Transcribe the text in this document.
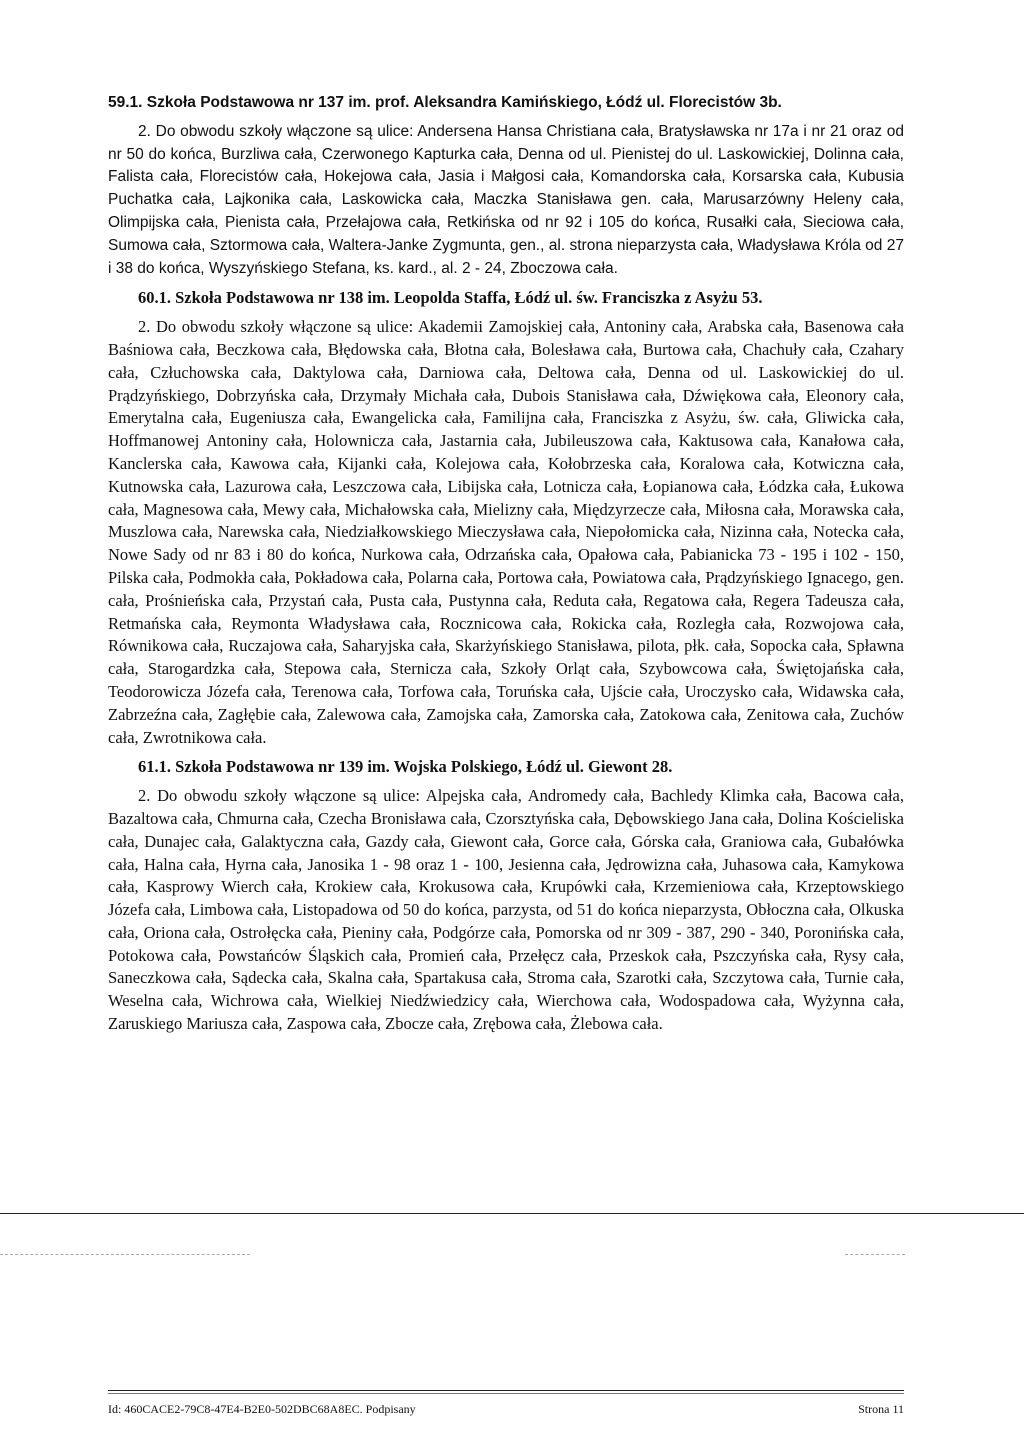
59.1. Szkoła Podstawowa nr 137 im. prof. Aleksandra Kamińskiego, Łódź ul. Florecistów 3b.

2. Do obwodu szkoły włączone są ulice: Andersena Hansa Christiana cała, Bratysławska nr 17a i nr 21 oraz od nr 50 do końca, Burzliwa cała, Czerwonego Kapturka cała, Denna od ul. Pienistej do ul. Laskowickiej, Dolinna cała, Falista cała, Florecistów cała, Hokejowa cała, Jasia i Małgosi cała, Komandorska cała, Korsarska cała, Kubusia Puchatka cała, Lajkonika cała, Laskowicka cała, Maczka Stanisława gen. cała, Marusarzówny Heleny cała, Olimpijska cała, Pienista cała, Przełajowa cała, Retkińska od nr 92 i 105 do końca, Rusałki cała, Sieciowa cała, Sumowa cała, Sztormowa cała, Waltera-Janke Zygmunta, gen., al. strona nieparzysta cała, Władysława Króla od 27 i 38 do końca, Wyszyńskiego Stefana, ks. kard., al. 2 - 24, Zboczowa cała.

60.1. Szkoła Podstawowa nr 138 im. Leopolda Staffa, Łódź ul. św. Franciszka z Asyżu 53.

2. Do obwodu szkoły włączone są ulice: Akademii Zamojskiej cała, Antoniny cała, Arabska cała, Basenowa cała Baśniowa cała, Beczkowa cała, Błędowska cała, Błotna cała, Bolesława cała, Burtowa cała, Chachuły cała, Czahary cała, Człuchowska cała, Daktylowa cała, Darniowa cała, Deltowa cała, Denna od ul. Laskowickiej do ul. Prądzyńskiego, Dobrzyńska cała, Drzymały Michała cała, Dubois Stanisława cała, Dźwiękowa cała, Eleonory cała, Emerytalna cała, Eugeniusza cała, Ewangelicka cała, Familijna cała, Franciszka z Asyżu, św. cała, Gliwicka cała, Hoffmanowej Antoniny cała, Holownicza cała, Jastarnia cała, Jubileuszowa cała, Kaktusowa cała, Kanałowa cała, Kanclerska cała, Kawowa cała, Kijanki cała, Kolejowa cała, Kołobrzeska cała, Koralowa cała, Kotwiczna cała, Kutnowska cała, Lazurowa cała, Leszczowa cała, Libijska cała, Lotnicza cała, Łopianowa cała, Łódzka cała, Łukowa cała, Magnesowa cała, Mewy cała, Michałowska cała, Mielizny cała, Międzyrzecze cała, Miłosna cała, Morawska cała, Muszlowa cała, Narewska cała, Niedziałkowskiego Mieczysława cała, Niepołomicka cała, Nizinna cała, Notecka cała, Nowe Sady od nr 83 i 80 do końca, Nurkowa cała, Odrzańska cała, Opałowa cała, Pabianicka 73 - 195 i 102 - 150, Pilska cała, Podmokła cała, Pokładowa cała, Polarna cała, Portowa cała, Powiatowa cała, Prądzyńskiego Ignacego, gen. cała, Prośnieńska cała, Przystań cała, Pusta cała, Pustynna cała, Reduta cała, Regatowa cała, Regera Tadeusza cała, Retmańska cała, Reymonta Władysława cała, Rocznicowa cała, Rokicka cała, Rozległa cała, Rozwojowa cała, Równikowa cała, Ruczajowa cała, Saharyjska cała, Skarżyńskiego Stanisława, pilota, płk. cała, Sopocka cała, Spławna cała, Starogardzka cała, Stepowa cała, Sternicza cała, Szkoły Orląt cała, Szybowcowa cała, Świętojańska cała, Teodorowicza Józefa cała, Terenowa cała, Torfowa cała, Toruńska cała, Ujście cała, Uroczysko cała, Widawska cała, Zabrzeźna cała, Zagłębie cała, Zalewowa cała, Zamojska cała, Zamorska cała, Zatokowa cała, Zenitowa cała, Zuchów cała, Zwrotnikowa cała.

61.1. Szkoła Podstawowa nr 139 im. Wojska Polskiego, Łódź ul. Giewont 28.

2. Do obwodu szkoły włączone są ulice: Alpejska cała, Andromedy cała, Bachledy Klimka cała, Bacowa cała, Bazaltowa cała, Chmurna cała, Czecha Bronisława cała, Czorsztyńska cała, Dębowskiego Jana cała, Dolina Kościeliska cała, Dunajec cała, Galaktyczna cała, Gazdy cała, Giewont cała, Gorce cała, Górska cała, Graniowa cała, Gubałówka cała, Halna cała, Hyrna cała, Janosika 1 - 98 oraz 1 - 100, Jesienna cała, Jędrowizna cała, Juhasowa cała, Kamykowa cała, Kasprowy Wierch cała, Krokiew cała, Krokusowa cała, Krupówki cała, Krzemieniowa cała, Krzeptowskiego Józefa cała, Limbowa cała, Listopadowa od 50 do końca, parzysta, od 51 do końca nieparzysta, Obłoczna cała, Olkuska cała, Oriona cała, Ostrołęcka cała, Pieniny cała, Podgórze cała, Pomorska od nr 309 - 387, 290 - 340, Poronińska cała, Potokowa cała, Powstańców Śląskich cała, Promień cała, Przełęcz cała, Przeskok cała, Pszczyńska cała, Rysy cała, Saneczkowa cała, Sądecka cała, Skalna cała, Spartakusa cała, Stroma cała, Szarotki cała, Szczytowa cała, Turnie cała, Weselna cała, Wichrowa cała, Wielkiej Niedźwiedzicy cała, Wierchowa cała, Wodospadowa cała, Wyżynna cała, Zaruskiego Mariusza cała, Zaspowa cała, Zbocze cała, Zrębowa cała, Żlebowa cała.

Id: 460CACE2-79C8-47E4-B2E0-502DBC68A8EC. Podpisany	Strona 11
